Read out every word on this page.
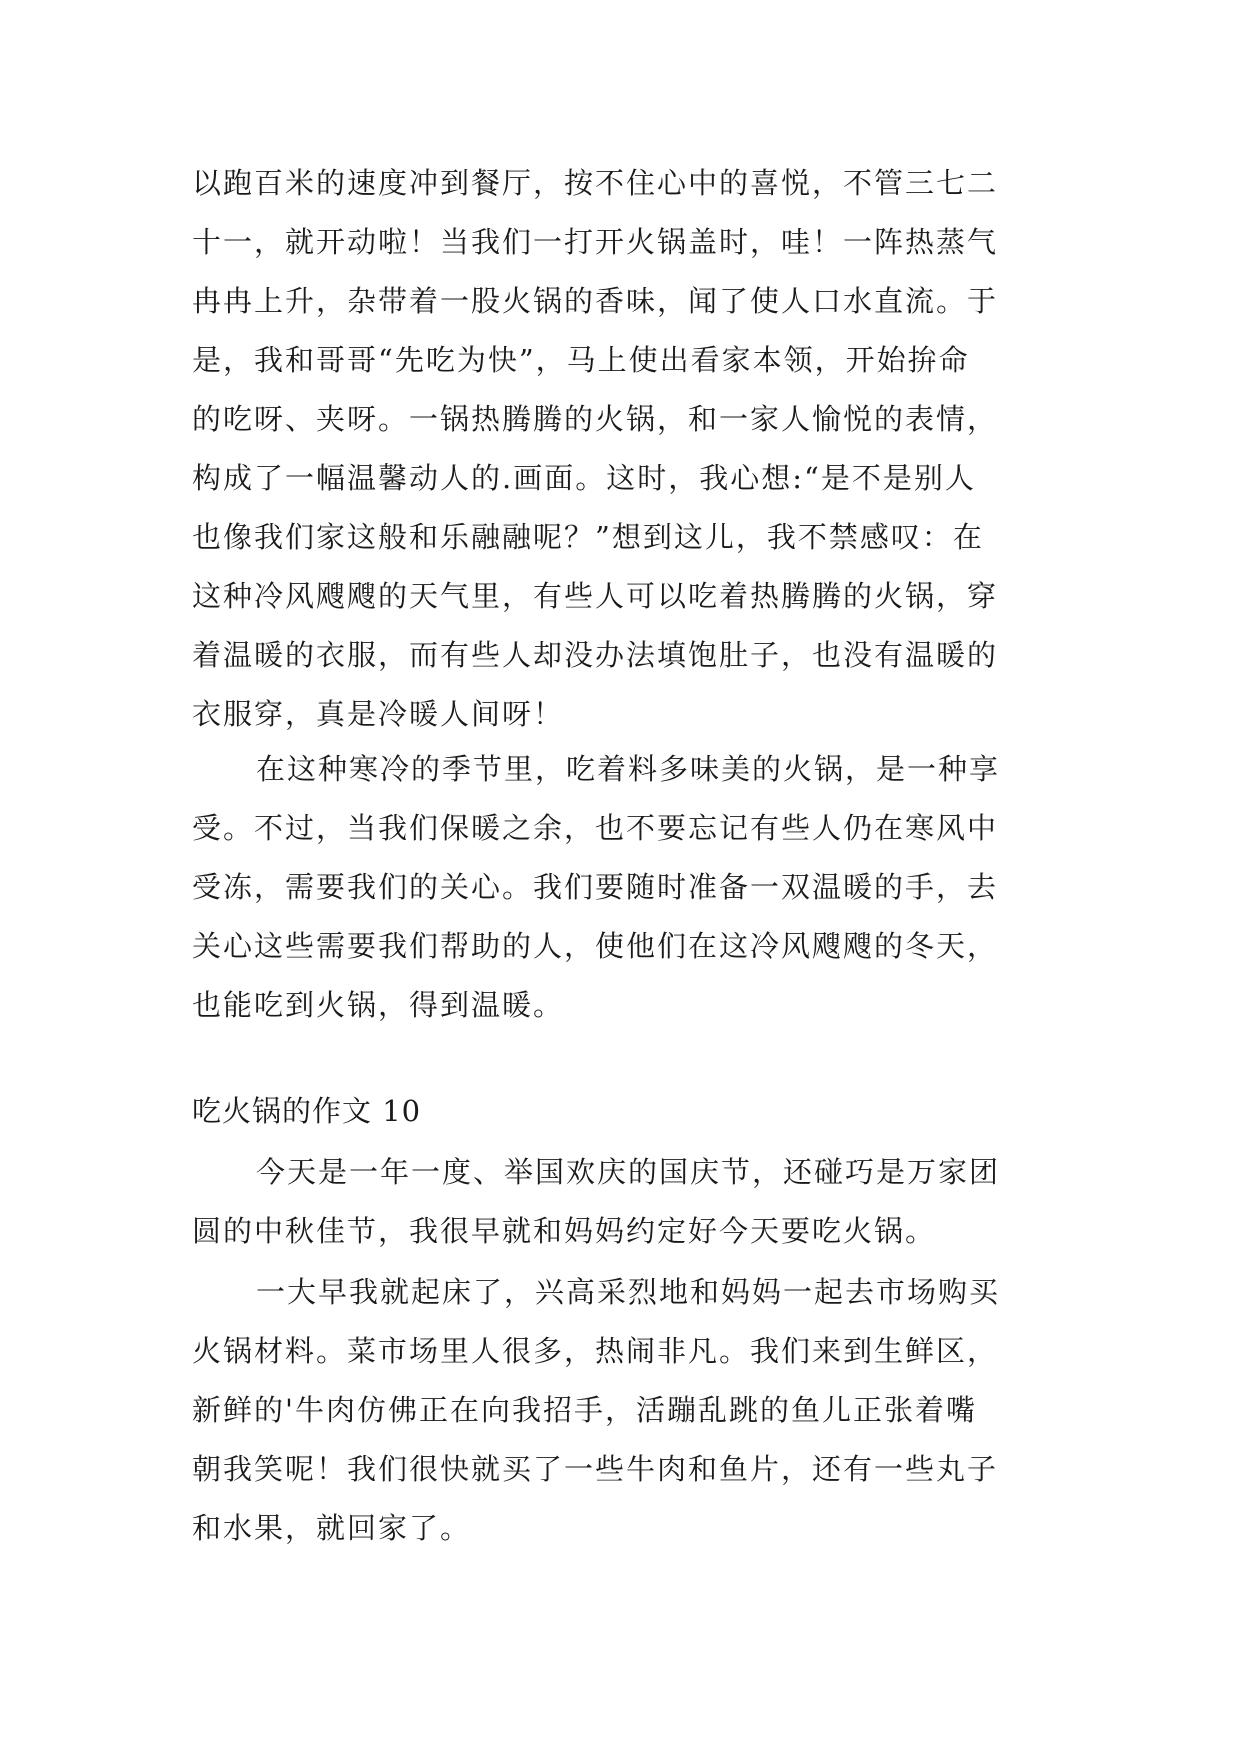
以跑百米的速度冲到餐厅，按不住心中的喜悦，不管三七二
十一，就开动啦！当我们一打开火锅盖时，哇！一阵热蒸气
冉冉上升，杂带着一股火锅的香味，闻了使人口水直流。于
是，我和哥哥“先吃为快”，马上使出看家本领，开始拚命
的吃呀、夹呀。一锅热腾腾的火锅，和一家人愉悦的表情，
构成了一幅温馨动人的.画面。这时，我心想:“是不是别人
也像我们家这般和乐融融呢？”想到这儿，我不禁感叹：在
这种冷风飕飕的天气里，有些人可以吃着热腾腾的火锅，穿
着温暖的衣服，而有些人却没办法填饱肚子，也没有温暖的
衣服穿，真是冷暖人间呀！
在这种寒冷的季节里，吃着料多味美的火锅，是一种享
受。不过，当我们保暖之余，也不要忘记有些人仍在寒风中
受冻，需要我们的关心。我们要随时准备一双温暖的手，去
关心这些需要我们帮助的人，使他们在这冷风飕飕的冬天，
也能吃到火锅，得到温暖。
吃火锅的作文 10
今天是一年一度、举国欢庆的国庆节，还碰巧是万家团
圆的中秋佳节，我很早就和妈妈约定好今天要吃火锅。
一大早我就起床了，兴高采烈地和妈妈一起去市场购买
火锅材料。菜市场里人很多，热闹非凡。我们来到生鲜区，
新鲜的'牛肉仿佛正在向我招手，活蹦乱跳的鱼儿正张着嘴
朝我笑呢！我们很快就买了一些牛肉和鱼片，还有一些丸子
和水果，就回家了。
